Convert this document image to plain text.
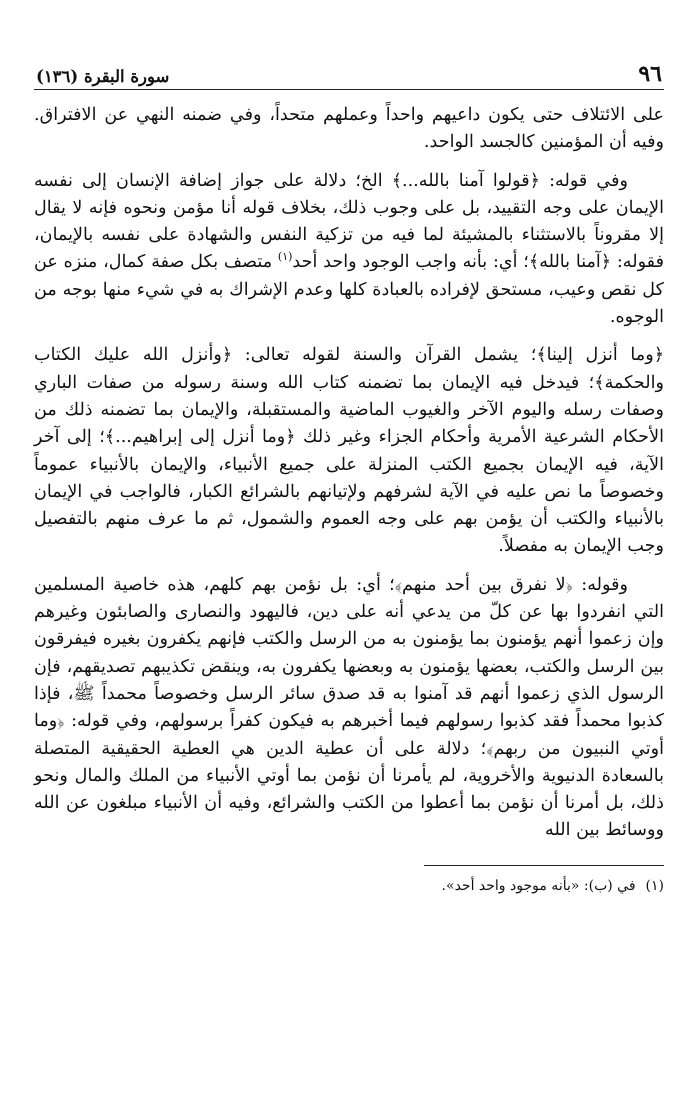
٩٦
سورة البقرة (١٣٦)

على الائتلاف حتى يكون داعيهم واحداً وعملهم متحداً، وفي ضمنه النهي عن الافتراق. وفيه أن المؤمنين كالجسد الواحد.

وفي قوله: ﴿قولوا آمنا بالله...﴾ الخ؛ دلالة على جواز إضافة الإنسان إلى نفسه الإيمان على وجه التقييد، بل على وجوب ذلك، بخلاف قوله أنا مؤمن ونحوه فإنه لا يقال إلا مقروناً بالاستثناء بالمشيئة لما فيه من تزكية النفس والشهادة على نفسه بالإيمان، فقوله: ﴿آمنا بالله﴾؛ أي: بأنه واجب الوجود واحد أحد$^{(١)}$ متصف بكل صفة كمال، منزه عن كل نقص وعيب، مستحق لإفراده بالعبادة كلها وعدم الإشراك به في شيء منها بوجه من الوجوه.

﴿وما أنزل إلينا﴾؛ يشمل القرآن والسنة لقوله تعالى: ﴿وأنزل الله عليك الكتاب والحكمة﴾؛ فيدخل فيه الإيمان بما تضمنه كتاب الله وسنة رسوله من صفات الباري وصفات رسله واليوم الآخر والغيوب الماضية والمستقبلة، والإيمان بما تضمنه ذلك من الأحكام الشرعية الأمرية وأحكام الجزاء وغير ذلك ﴿وما أنزل إلى إبراهيم...﴾؛ إلى آخر الآية، فيه الإيمان بجميع الكتب المنزلة على جميع الأنبياء، والإيمان بالأنبياء عموماً وخصوصاً ما نص عليه في الآية لشرفهم ولإتيانهم بالشرائع الكبار، فالواجب في الإيمان بالأنبياء والكتب أن يؤمن بهم على وجه العموم والشمول، ثم ما عرف منهم بالتفصيل وجب الإيمان به مفصلاً.

وقوله: ﴿لا نفرق بين أحد منهم﴾؛ أي: بل نؤمن بهم كلهم، هذه خاصية المسلمين التي انفردوا بها عن كلّ من يدعي أنه على دين، فاليهود والنصارى والصابئون وغيرهم وإن زعموا أنهم يؤمنون بما يؤمنون به من الرسل والكتب فإنهم يكفرون بغيره فيفرقون بين الرسل والكتب، بعضها يؤمنون به وبعضها يكفرون به، وينقض تكذيبهم تصديقهم، فإن الرسول الذي زعموا أنهم قد آمنوا به قد صدق سائر الرسل وخصوصاً محمداً ﷺ، فإذا كذبوا محمداً فقد كذبوا رسولهم فيما أخبرهم به فيكون كفراً برسولهم، وفي قوله: ﴿وما أوتي النبيون من ربهم﴾؛ دلالة على أن عطية الدين هي العطية الحقيقية المتصلة بالسعادة الدنيوية والأخروية، لم يأمرنا أن نؤمن بما أوتي الأنبياء من الملك والمال ونحو ذلك، بل أمرنا أن نؤمن بما أعطوا من الكتب والشرائع، وفيه أن الأنبياء مبلغون عن الله ووسائط بين الله

(١)في (ب): «بأنه موجود واحد أحد».
